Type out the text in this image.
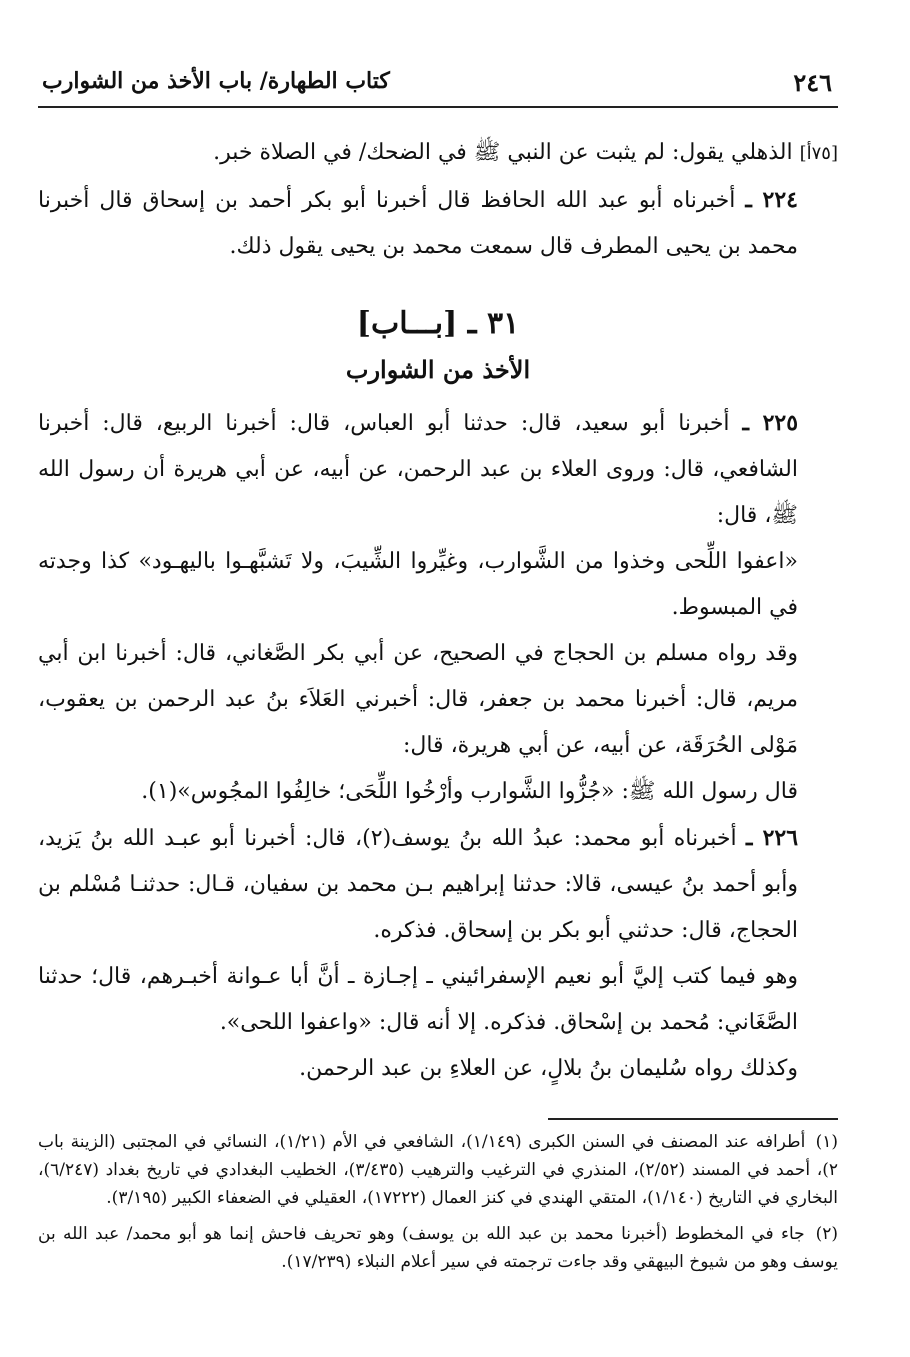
٢٤٦
كتاب الطهارة/ باب الأخذ من الشوارب

[٧٥أ] الذهلي يقول: لم يثبت عن النبي ﷺ في الضحك/ في الصلاة خبر.

٢٢٤ ـ أخبرناه أبو عبد الله الحافظ قال أخبرنا أبو بكر أحمد بن إسحاق قال أخبرنا محمد بن يحيى المطرف قال سمعت محمد بن يحيى يقول ذلك.

٣١ ـ [بـــاب]
الأخذ من الشوارب

٢٢٥ ـ أخبرنا أبو سعيد، قال: حدثنا أبو العباس، قال: أخبرنا الربيع، قال: أخبرنا الشافعي، قال: وروى العلاء بن عبد الرحمن، عن أبيه، عن أبي هريرة أن رسول الله ﷺ، قال:

«اعفوا اللِّحى وخذوا من الشَّوارب، وغيِّروا الشِّيبَ، ولا تَشبَّهـوا باليهـود» كذا وجدته في المبسوط.

وقد رواه مسلم بن الحجاج في الصحيح، عن أبي بكر الصَّغاني، قال: أخبرنا ابن أبي مريم، قال: أخبرنا محمد بن جعفر، قال: أخبرني العَلاَء بنُ عبد الرحمن بن يعقوب، مَوْلى الحُرَقَة، عن أبيه، عن أبي هريرة، قال:

قال رسول الله ﷺ: «جُزُّوا الشَّوارب وأرْخُوا اللِّحَى؛ خالِفُوا المجُوس»(١).

٢٢٦ ـ أخبرناه أبو محمد: عبدُ الله بنُ يوسف(٢)، قال: أخبرنا أبو عبـد الله بنُ يَزيد، وأبو أحمد بنُ عيسى، قالا: حدثنا إبراهيم بـن محمد بن سفيان، قـال: حدثنـا مُسْلم بن الحجاج، قال: حدثني أبو بكر بن إسحاق. فذكره.

وهو فيما كتب إليَّ أبو نعيم الإسفرائيني ـ إجـازة ـ أنَّ أبا عـوانة أخبـرهم، قال؛ حدثنا الصَّغَاني: مُحمد بن إسْحاق. فذكره. إلا أنه قال: «واعفوا اللحى».

وكذلك رواه سُليمان بنُ بلالٍ، عن العلاءِ بن عبد الرحمن.

(١) أطرافه عند المصنف في السنن الكبرى (١/١٤٩)، الشافعي في الأم (١/٢١)، النسائي في المجتبى (الزينة باب ٢)، أحمد في المسند (٢/٥٢)، المنذري في الترغيب والترهيب (٣/٤٣٥)، الخطيب البغدادي في تاريخ بغداد (٦/٢٤٧)، البخاري في التاريخ (١/١٤٠)، المتقي الهندي في كنز العمال (١٧٢٢٢)، العقيلي في الضعفاء الكبير (٣/١٩٥).

(٢) جاء في المخطوط (أخبرنا محمد بن عبد الله بن يوسف) وهو تحريف فاحش إنما هو أبو محمد/ عبد الله بن يوسف وهو من شيوخ البيهقي وقد جاءت ترجمته في سير أعلام النبلاء (١٧/٢٣٩).
